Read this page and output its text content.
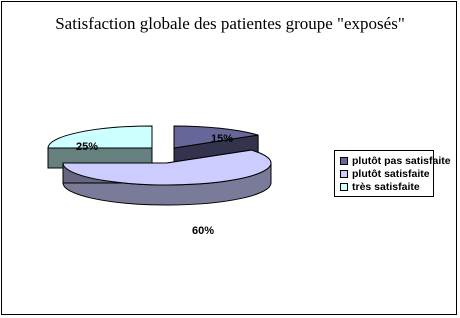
Satisfaction globale des patientes groupe "exposés"
15%
60%
25%
plutôt pas satisfaite
plutôt satisfaite
très satisfaite
